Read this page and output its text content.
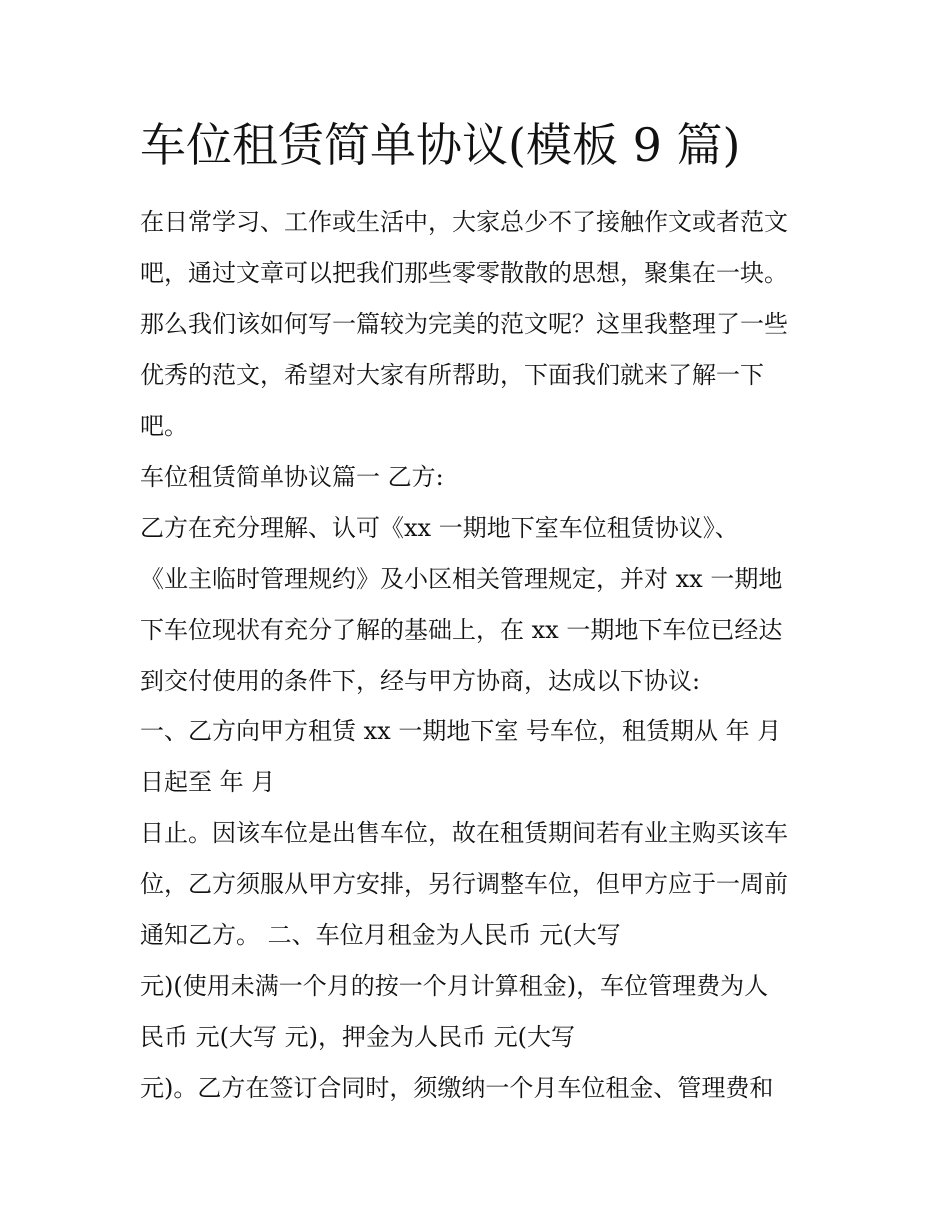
车位租赁简单协议(模板 9 篇)
在日常学习、工作或生活中，大家总少不了接触作文或者范文
吧，通过文章可以把我们那些零零散散的思想，聚集在一块。
那么我们该如何写一篇较为完美的范文呢？这里我整理了一些
优秀的范文，希望对大家有所帮助，下面我们就来了解一下
吧。
车位租赁简单协议篇一 乙方:
乙方在充分理解、认可《xx 一期地下室车位租赁协议》、
《业主临时管理规约》及小区相关管理规定，并对 xx 一期地
下车位现状有充分了解的基础上，在 xx 一期地下车位已经达
到交付使用的条件下，经与甲方协商，达成以下协议:
一、乙方向甲方租赁 xx 一期地下室 号车位，租赁期从 年 月
日起至 年 月
日止。因该车位是出售车位，故在租赁期间若有业主购买该车
位，乙方须服从甲方安排，另行调整车位，但甲方应于一周前
通知乙方。 二、车位月租金为人民币 元(大写
元)(使用未满一个月的按一个月计算租金)，车位管理费为人
民币 元(大写 元)，押金为人民币 元(大写
元)。乙方在签订合同时，须缴纳一个月车位租金、管理费和
